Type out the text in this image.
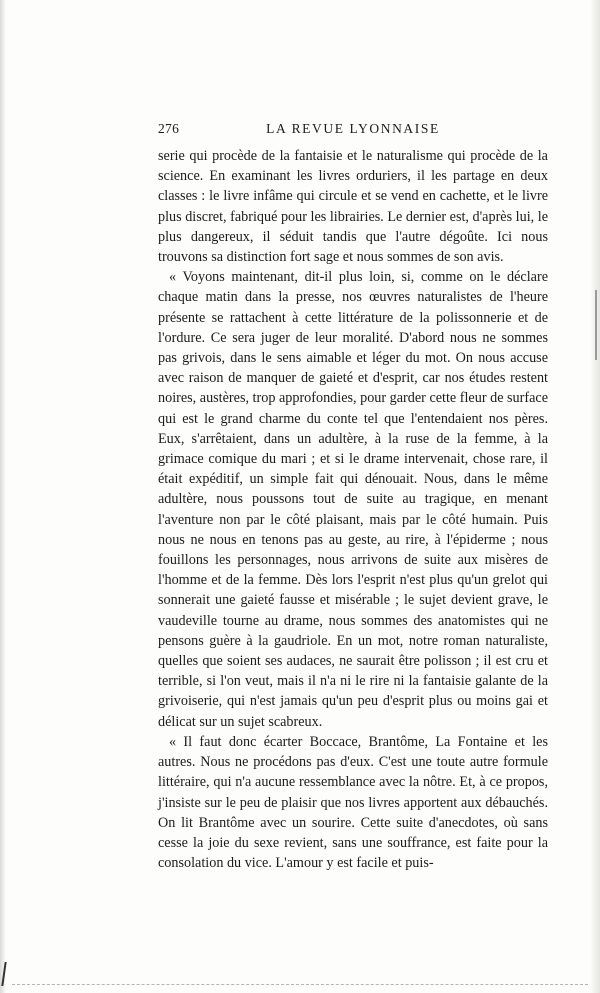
276	LA REVUE LYONNAISE

serie qui procède de la fantaisie et le naturalisme qui procède de la science. En examinant les livres orduriers, il les partage en deux classes : le livre infâme qui circule et se vend en cachette, et le livre plus discret, fabriqué pour les librairies. Le dernier est, d'après lui, le plus dangereux, il séduit tandis que l'autre dégoûte. Ici nous trouvons sa distinction fort sage et nous sommes de son avis.

« Voyons maintenant, dit-il plus loin, si, comme on le déclare chaque matin dans la presse, nos œuvres naturalistes de l'heure présente se rattachent à cette littérature de la polissonnerie et de l'ordure. Ce sera juger de leur moralité. D'abord nous ne sommes pas grivois, dans le sens aimable et léger du mot. On nous accuse avec raison de manquer de gaieté et d'esprit, car nos études restent noires, austères, trop approfondies, pour garder cette fleur de surface qui est le grand charme du conte tel que l'entendaient nos pères. Eux, s'arrêtaient, dans un adultère, à la ruse de la femme, à la grimace comique du mari ; et si le drame intervenait, chose rare, il était expéditif, un simple fait qui dénouait. Nous, dans le même adultère, nous poussons tout de suite au tragique, en menant l'aventure non par le côté plaisant, mais par le côté humain. Puis nous ne nous en tenons pas au geste, au rire, à l'épiderme ; nous fouillons les personnages, nous arrivons de suite aux misères de l'homme et de la femme. Dès lors l'esprit n'est plus qu'un grelot qui sonnerait une gaieté fausse et misérable ; le sujet devient grave, le vaudeville tourne au drame, nous sommes des anatomistes qui ne pensons guère à la gaudriole. En un mot, notre roman naturaliste, quelles que soient ses audaces, ne saurait être polisson ; il est cru et terrible, si l'on veut, mais il n'a ni le rire ni la fantaisie galante de la grivoiserie, qui n'est jamais qu'un peu d'esprit plus ou moins gai et délicat sur un sujet scabreux.

« Il faut donc écarter Boccace, Brantôme, La Fontaine et les autres. Nous ne procédons pas d'eux. C'est une toute autre formule littéraire, qui n'a aucune ressemblance avec la nôtre. Et, à ce propos, j'insiste sur le peu de plaisir que nos livres apportent aux débauchés. On lit Brantôme avec un sourire. Cette suite d'anecdotes, où sans cesse la joie du sexe revient, sans une souffrance, est faite pour la consolation du vice. L'amour y est facile et puis-
